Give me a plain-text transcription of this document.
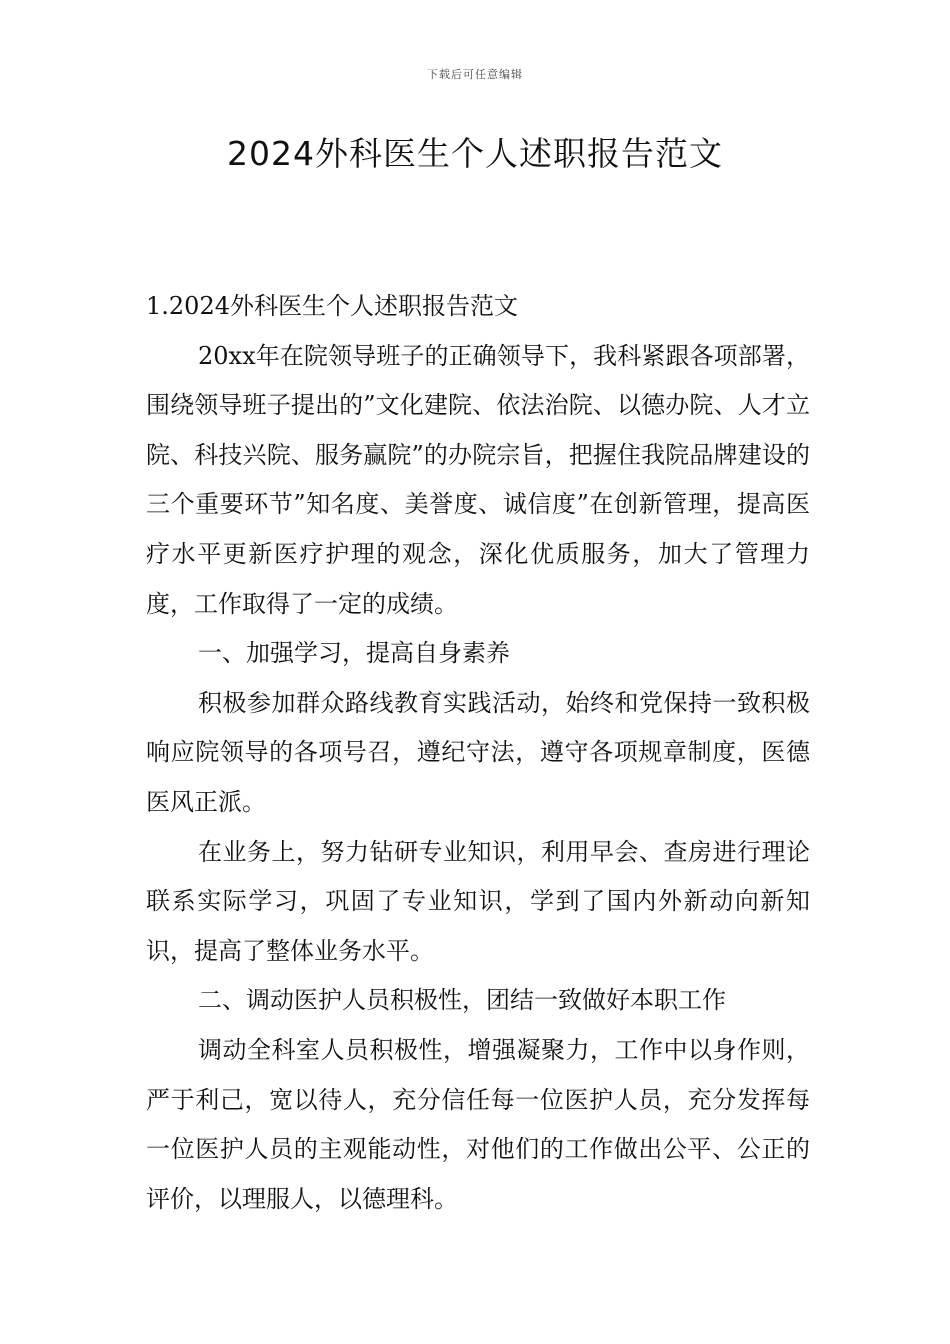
下载后可任意编辑
2024外科医生个人述职报告范文

1.2024外科医生个人述职报告范文

20xx年在院领导班子的正确领导下，我科紧跟各项部署，围绕领导班子提出的”文化建院、依法治院、以德办院、人才立院、科技兴院、服务赢院”的办院宗旨，把握住我院品牌建设的三个重要环节”知名度、美誉度、诚信度”在创新管理，提高医疗水平更新医疗护理的观念，深化优质服务，加大了管理力度，工作取得了一定的成绩。

一、加强学习，提高自身素养

积极参加群众路线教育实践活动，始终和党保持一致积极响应院领导的各项号召，遵纪守法，遵守各项规章制度，医德医风正派。

在业务上，努力钻研专业知识，利用早会、查房进行理论联系实际学习，巩固了专业知识，学到了国内外新动向新知识，提高了整体业务水平。

二、调动医护人员积极性，团结一致做好本职工作

调动全科室人员积极性，增强凝聚力，工作中以身作则，严于利己，宽以待人，充分信任每一位医护人员，充分发挥每一位医护人员的主观能动性，对他们的工作做出公平、公正的评价，以理服人，以德理科。
